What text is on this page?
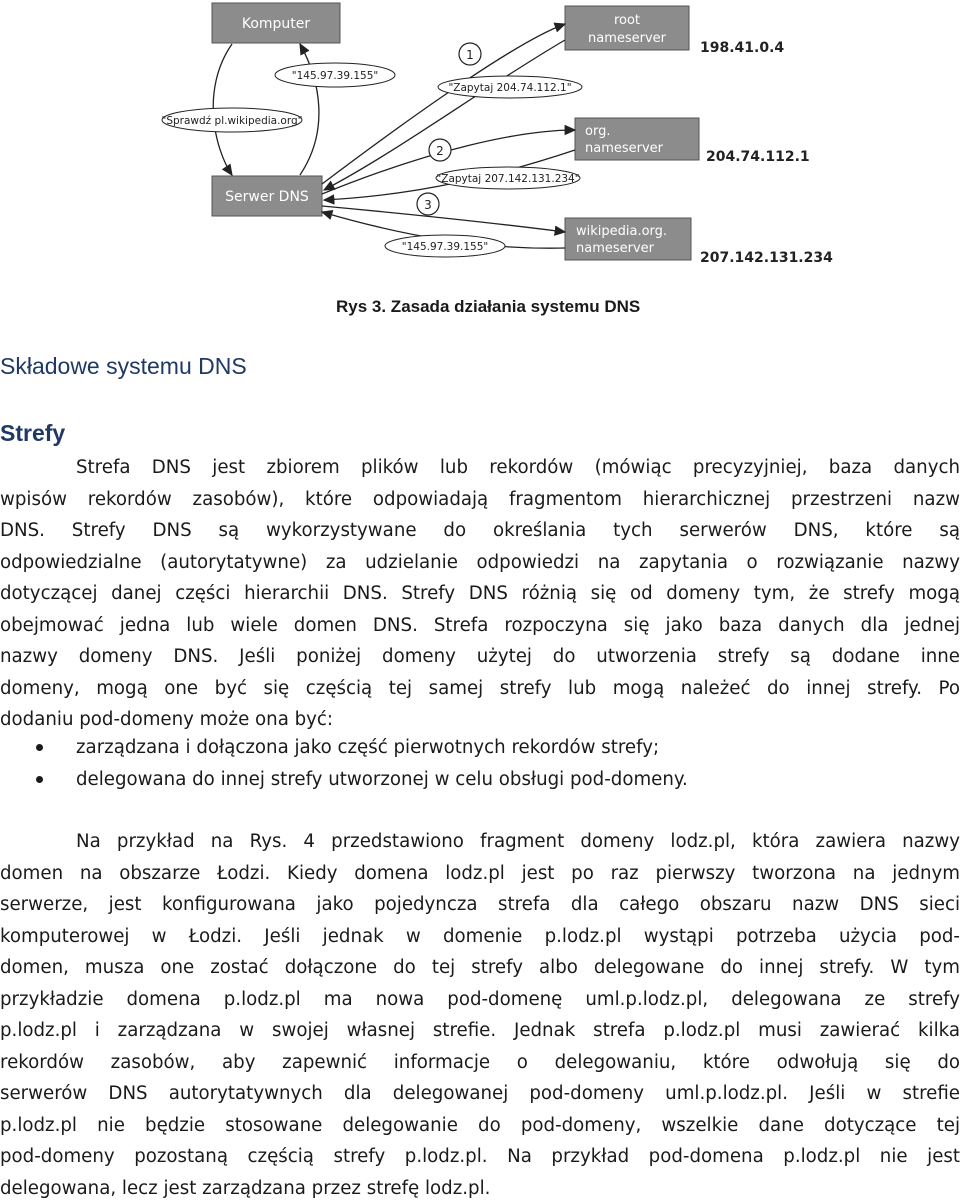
Komputer
Serwer DNS
root
nameserver
198.41.0.4
org.
nameserver
204.74.112.1
wikipedia.org.
nameserver
207.142.131.234
1
2
3
"145.97.39.155"
"Zapytaj 204.74.112.1"
"Sprawdź pl.wikipedia.org"
"Zapytaj 207.142.131.234"
"145.97.39.155"
Rys 3. Zasada działania systemu DNS
Składowe systemu DNS
Strefy
Strefa DNS jest zbiorem plików lub rekordów (mówiąc precyzyjniej, baza danych
wpisów rekordów zasobów), które odpowiadają fragmentom hierarchicznej przestrzeni nazw
DNS. Strefy DNS są wykorzystywane do określania tych serwerów DNS, które są
odpowiedzialne (autorytatywne) za udzielanie odpowiedzi na zapytania o rozwiązanie nazwy
dotyczącej danej części hierarchii DNS. Strefy DNS różnią się od domeny tym, że strefy mogą
obejmować jedna lub wiele domen DNS. Strefa rozpoczyna się jako baza danych dla jednej
nazwy domeny DNS. Jeśli poniżej domeny użytej do utworzenia strefy są dodane inne
domeny, mogą one być się częścią tej samej strefy lub mogą należeć do innej strefy. Po
dodaniu pod-domeny może ona być:
zarządzana i dołączona jako część pierwotnych rekordów strefy;
delegowana do innej strefy utworzonej w celu obsługi pod-domeny.
Na przykład na Rys. 4 przedstawiono fragment domeny lodz.pl, która zawiera nazwy
domen na obszarze Łodzi. Kiedy domena lodz.pl jest po raz pierwszy tworzona na jednym
serwerze, jest konfigurowana jako pojedyncza strefa dla całego obszaru nazw DNS sieci
komputerowej w Łodzi. Jeśli jednak w domenie p.lodz.pl wystąpi potrzeba użycia pod-
domen, musza one zostać dołączone do tej strefy albo delegowane do innej strefy. W tym
przykładzie domena p.lodz.pl ma nowa pod-domenę uml.p.lodz.pl, delegowana ze strefy
p.lodz.pl i zarządzana w swojej własnej strefie. Jednak strefa p.lodz.pl musi zawierać kilka
rekordów zasobów, aby zapewnić informacje o delegowaniu, które odwołują się do
serwerów DNS autorytatywnych dla delegowanej pod-domeny uml.p.lodz.pl. Jeśli w strefie
p.lodz.pl nie będzie stosowane delegowanie do pod-domeny, wszelkie dane dotyczące tej
pod-domeny pozostaną częścią strefy p.lodz.pl. Na przykład pod-domena p.lodz.pl nie jest
delegowana, lecz jest zarządzana przez strefę lodz.pl.
